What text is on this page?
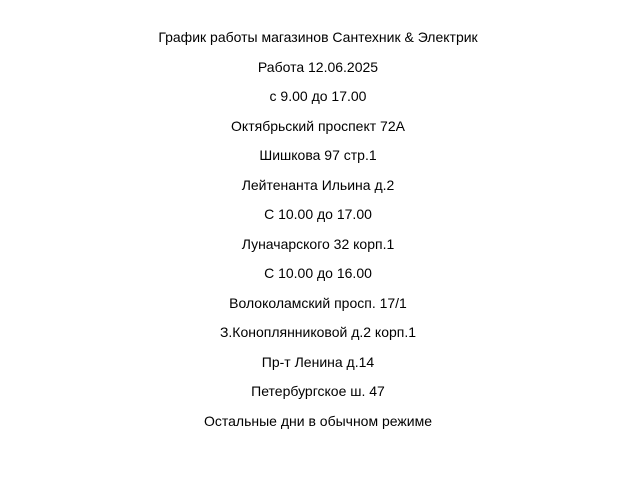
График работы магазинов Сантехник & Электрик
Работа 12.06.2025
с 9.00 до 17.00
Октябрьский проспект 72А
Шишкова 97 стр.1
Лейтенанта Ильина д.2
С 10.00 до 17.00
Луначарского 32 корп.1
С 10.00 до 16.00
Волоколамский просп. 17/1
З.Коноплянниковой д.2 корп.1
Пр-т Ленина д.14
Петербургское ш. 47
Остальные дни в обычном режиме
